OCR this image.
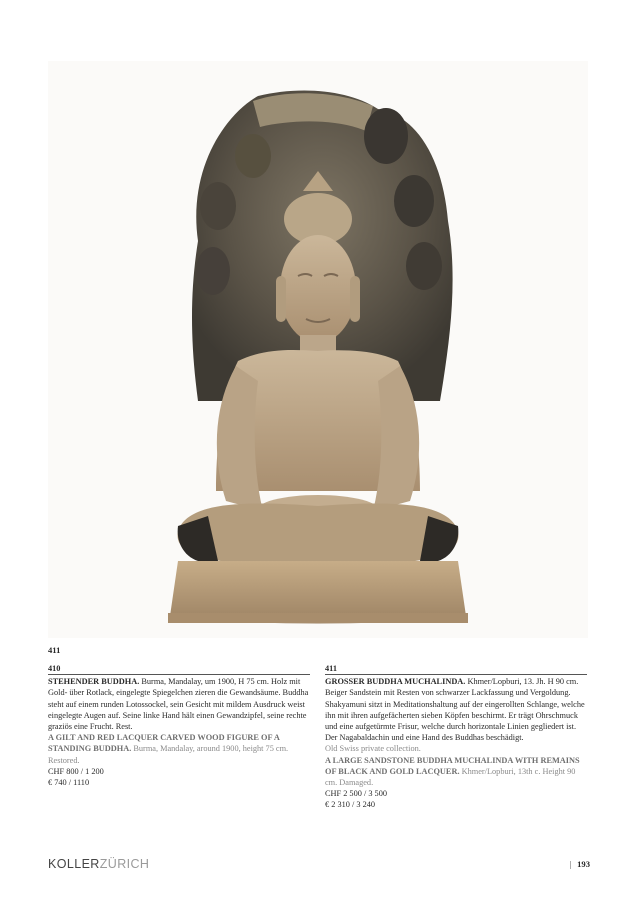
411
410

STEHENDER BUDDHA. Burma, Mandalay, um 1900, H 75 cm. Holz mit Gold- über Rotlack, eingelegte Spiegelchen zieren die Gewandsäume. Buddha steht auf einem runden Lotossockel, sein Gesicht mit mildem Ausdruck weist eingelegte Augen auf. Seine linke Hand hält einen Gewandzipfel, seine rechte graziös eine Frucht. Rest.

A GILT AND RED LACQUER CARVED WOOD FIGURE OF A STANDING BUDDHA. Burma, Mandalay, around 1900, height 75 cm. Restored.

CHF 800 / 1 200

€ 740 / 1110

411

GROSSER BUDDHA MUCHALINDA. Khmer/Lopburi, 13. Jh. H 90 cm. Beiger Sandstein mit Resten von schwarzer Lackfassung und Vergoldung. Shakyamuni sitzt in Meditationshaltung auf der eingerollten Schlange, welche ihn mit ihren aufgefächerten sieben Köpfen beschirmt. Er trägt Ohrschmuck und eine aufgetürmte Frisur, welche durch horizontale Linien gegliedert ist. Der Nagabaldachin und eine Hand des Buddhas beschädigt.

Old Swiss private collection.

A LARGE SANDSTONE BUDDHA MUCHALINDA WITH REMAINS OF BLACK AND GOLD LACQUER. Khmer/Lopburi, 13th c. Height 90 cm. Damaged.

CHF 2 500 / 3 500

€ 2 310 / 3 240

KOLLERZÜRICH	| 193
